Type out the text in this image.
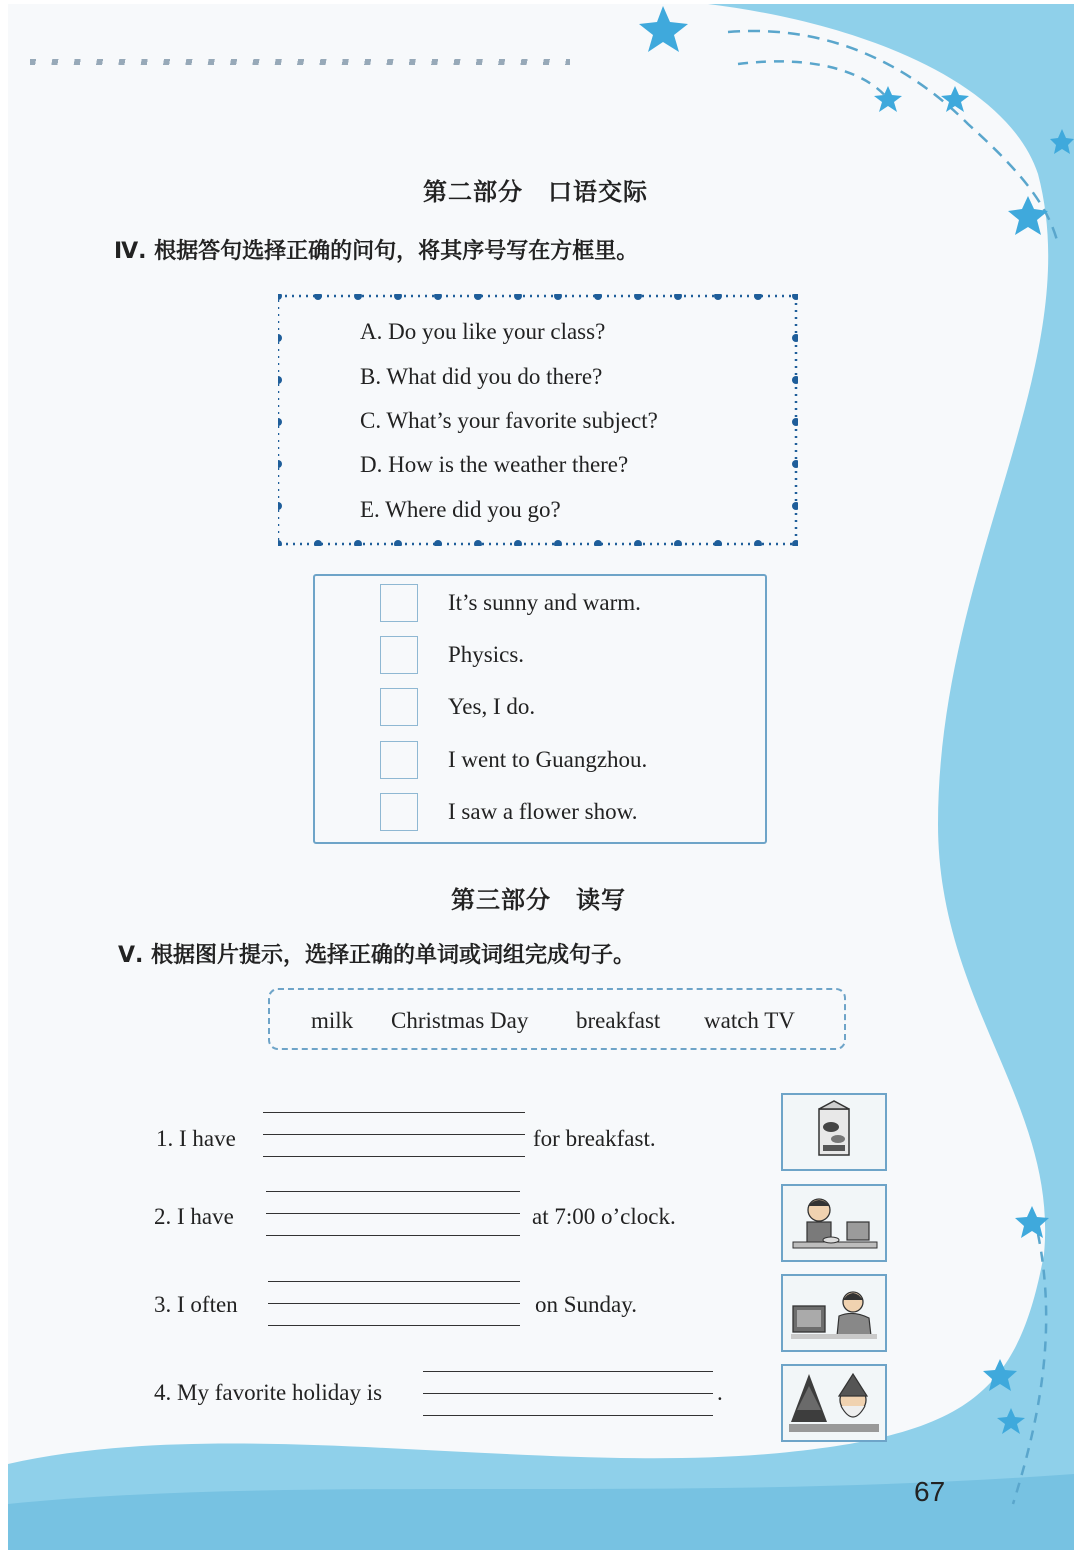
第二部分　口语交际
Ⅳ. 根据答句选择正确的问句，将其序号写在方框里。
A. Do you like your class?
B. What did you do there?
C. What’s your favorite subject?
D. How is the weather there?
E. Where did you go?
It’s sunny and warm.
Physics.
Yes, I do.
I went to Guangzhou.
I saw a flower show.
第三部分　读写
Ⅴ. 根据图片提示，选择正确的单词或词组完成句子。
milk Christmas Day breakfast watch TV
1. I have	for breakfast.
2. I have	at 7:00 o’clock.
3. I often	on Sunday.
4. My favorite holiday is	.
67
